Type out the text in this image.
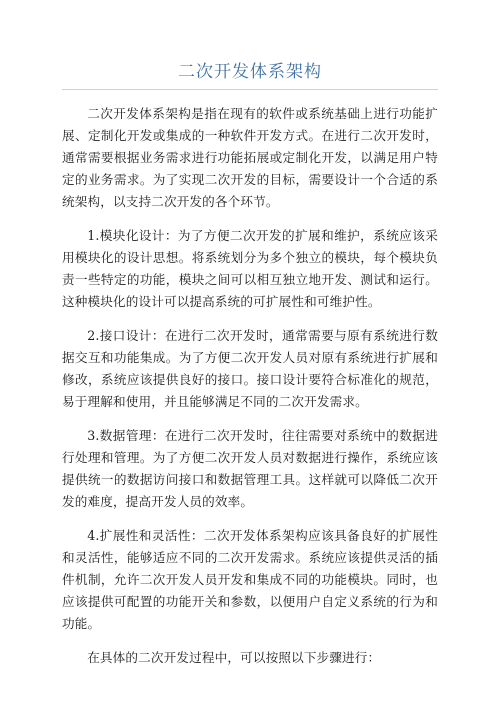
二次开发体系架构

二次开发体系架构是指在现有的软件或系统基础上进行功能扩展、定制化开发或集成的一种软件开发方式。在进行二次开发时，通常需要根据业务需求进行功能拓展或定制化开发，以满足用户特定的业务需求。为了实现二次开发的目标，需要设计一个合适的系统架构，以支持二次开发的各个环节。

1.模块化设计：为了方便二次开发的扩展和维护，系统应该采用模块化的设计思想。将系统划分为多个独立的模块，每个模块负责一些特定的功能，模块之间可以相互独立地开发、测试和运行。这种模块化的设计可以提高系统的可扩展性和可维护性。

2.接口设计：在进行二次开发时，通常需要与原有系统进行数据交互和功能集成。为了方便二次开发人员对原有系统进行扩展和修改，系统应该提供良好的接口。接口设计要符合标准化的规范，易于理解和使用，并且能够满足不同的二次开发需求。

3.数据管理：在进行二次开发时，往往需要对系统中的数据进行处理和管理。为了方便二次开发人员对数据进行操作，系统应该提供统一的数据访问接口和数据管理工具。这样就可以降低二次开发的难度，提高开发人员的效率。

4.扩展性和灵活性：二次开发体系架构应该具备良好的扩展性和灵活性，能够适应不同的二次开发需求。系统应该提供灵活的插件机制，允许二次开发人员开发和集成不同的功能模块。同时，也应该提供可配置的功能开关和参数，以便用户自定义系统的行为和功能。

在具体的二次开发过程中，可以按照以下步骤进行：
